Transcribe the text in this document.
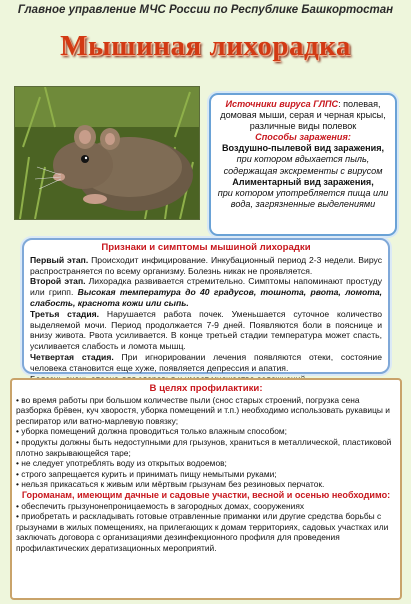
Главное управление МЧС России по Республике Башкортостан
Мышиная лихорадка
Источники вируса ГЛПС: полевая, домовая мыши, серая и черная крысы, различные виды полевок
Способы заражения:
Воздушно-пылевой вид заражения,
при котором вдыхается пыль, содержащая экскременты с вирусом
Алиментарный вид заражения,
при котором употребляется пища или вода, загрязненные выделениями
Признаки и симптомы мышиной лихорадки
Первый этап. Происходит инфицирование. Инкубационный период 2-3 недели. Вирус распространяется по всему организму. Болезнь никак не проявляется.
Второй этап. Лихорадка развивается стремительно. Симптомы напоминают простуду или грипп. Высокая температура до 40 градусов, тошнота, рвота, ломота, слабость, краснота кожи или сыпь.
Третья стадия. Нарушается работа почек. Уменьшается суточное количество выделяемой мочи. Период продолжается 7-9 дней. Появляются боли в пояснице и внизу живота. Рвота усиливается. В конце третьей стадии температура может спасть, усиливается слабость и ломота мышц.
Четвертая стадия. При игнорировании лечения появляются отеки, состояние человека становится еще хуже, появляется депрессия и апатия.

В целях профилактики:
• во время работы при большом количестве пыли (снос старых строений, погрузка сена разборка брёвен, куч хворостя, уборка помещений и т.п.) необходимо использовать рукавицы и респиратор или ватно-марлевую повязку;
• уборка помещений должна проводиться только влажным способом;
• продукты должны быть недоступными для грызунов, храниться в металлической, пластиковой плотно закрывающейся таре;
• не следует употреблять воду из открытых водоемов;
• строго запрещается курить и принимать пищу немытыми руками;
• нельзя прикасаться к живым или мёртвым грызунам без резиновых перчаток.
Гороманам, имеющим дачные и садовые участки, весной и осенью необходимо:
• обеспечить грызунонепроницаемость в загородных домах, сооружениях
• приобретать и раскладывать готовые отравленные приманки или другие средства борьбы с грызунами в жилых помещениях, на прилегающих к домам территориях, садовых участках или заключать договора с организациями дезинфекционного профиля для проведения профилактических дератизационных мероприятий.
